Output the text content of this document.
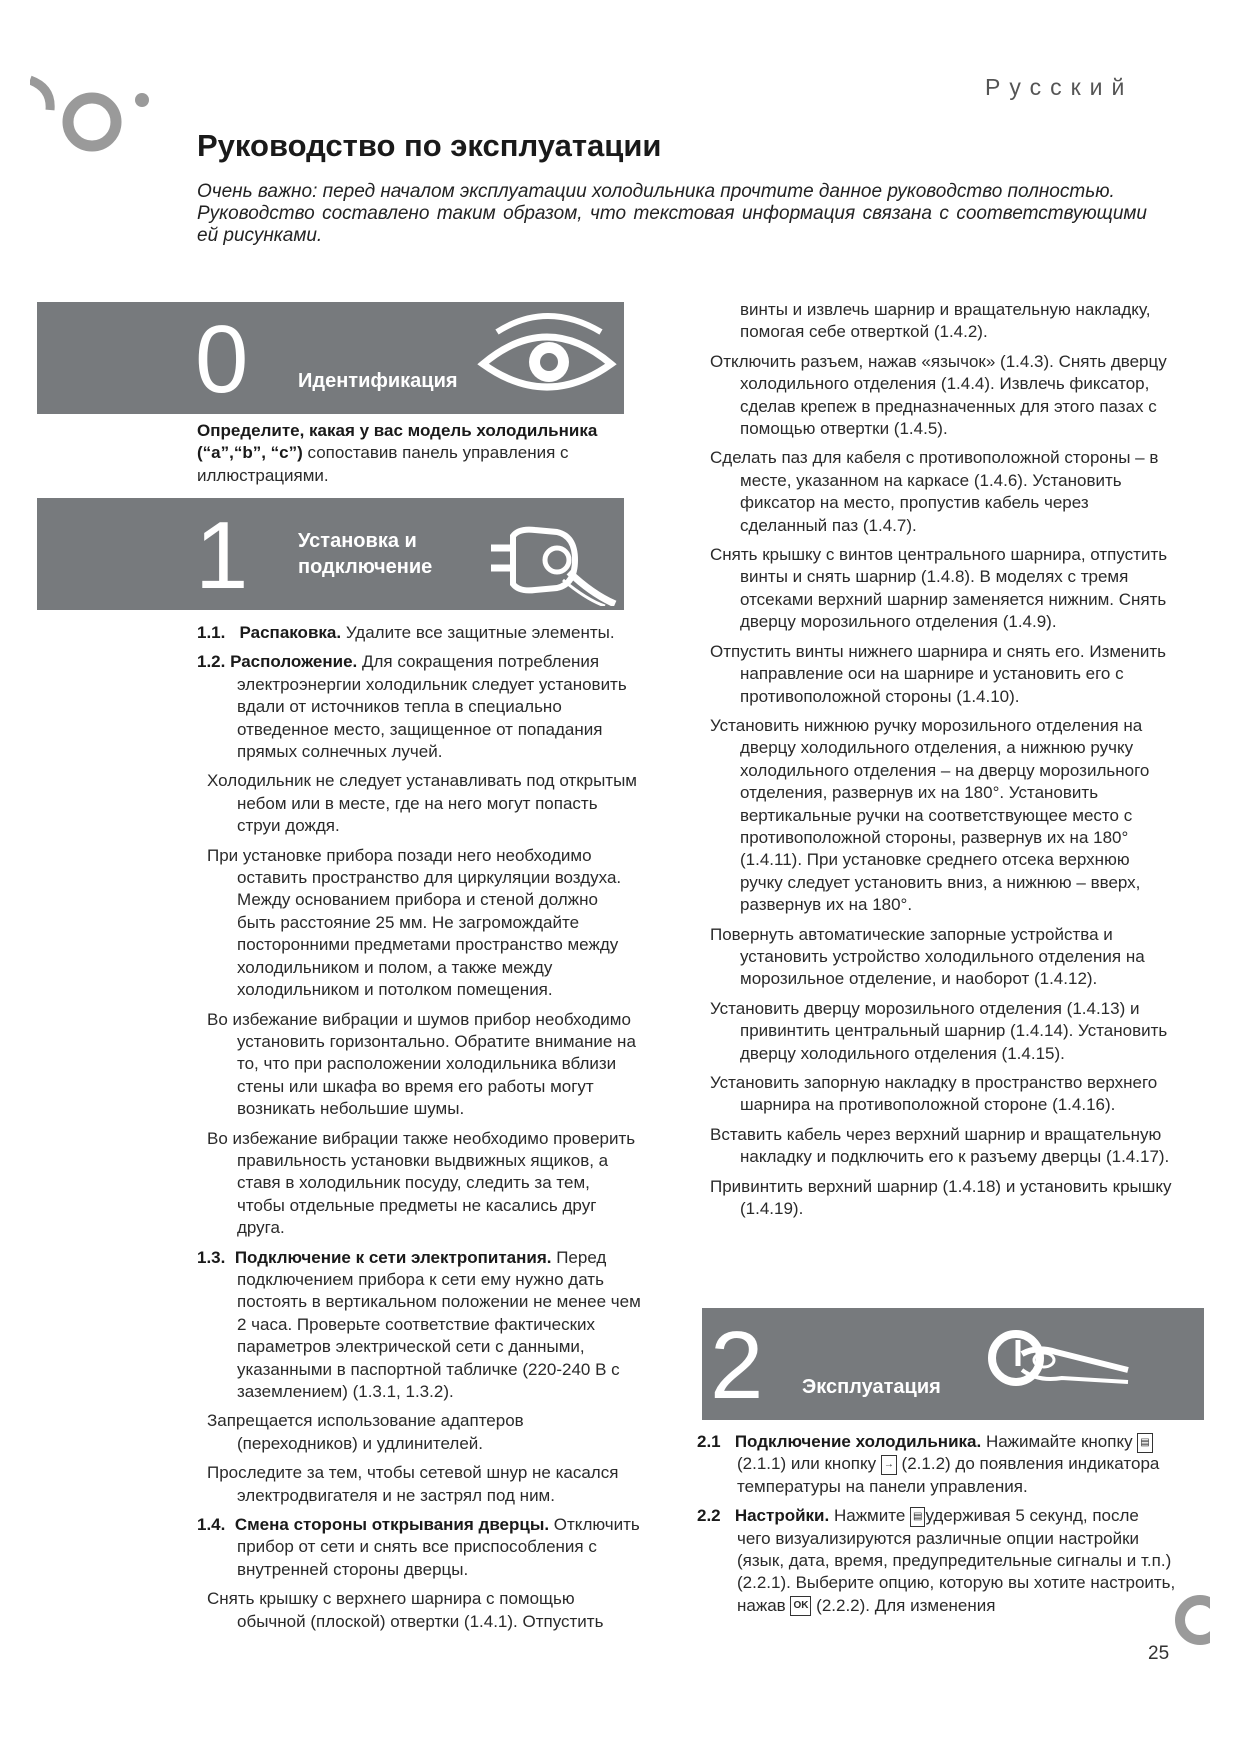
Русский
Руководство по эксплуатации

Очень важно: перед началом эксплуатации холодильника прочтите данное руководство полностью.

Руководство составлено таким образом, что текстовая информация связана с соответствующими ей рисунками.

0 Идентификация

Определите, какая у вас модель холодильника (“a”,“b”, “c”) сопоставив панель управления с иллюстрациями.

1 Установка и
подключение

1.1. Распаковка. Удалите все защитные элементы.

1.2. Расположение. Для сокращения потребления электроэнергии холодильник следует установить вдали от источников тепла в специально отведенное место, защищенное от попадания прямых солнечных лучей.

Холодильник не следует устанавливать под открытым небом или в месте, где на него могут попасть струи дождя.

При установке прибора позади него необходимо оставить пространство для циркуляции воздуха. Между основанием прибора и стеной должно быть расстояние 25 мм. Не загромождайте посторонними предметами пространство между холодильником и полом, а также между холодильником и потолком помещения.

Во избежание вибрации и шумов прибор необходимо установить горизонтально. Обратите внимание на то, что при расположении холодильника вблизи стены или шкафа во время его работы могут возникать небольшие шумы.

Во избежание вибрации также необходимо проверить правильность установки выдвижных ящиков, а ставя в холодильник посуду, следить за тем, чтобы отдельные предметы не касались друг друга.

1.3. Подключение к сети электропитания. Перед подключением прибора к сети ему нужно дать постоять в вертикальном положении не менее чем 2 часа. Проверьте соответствие фактических параметров электрической сети с данными, указанными в паспортной табличке (220-240 В с заземлением) (1.3.1, 1.3.2).

Запрещается использование адаптеров (переходников) и удлинителей.

Проследите за тем, чтобы сетевой шнур не касался электродвигателя и не застрял под ним.

1.4. Смена стороны открывания дверцы. Отключить прибор от сети и снять все приспособления с внутренней стороны дверцы.

Снять крышку с верхнего шарнира с помощью обычной (плоской) отвертки (1.4.1). Отпустить

винты и извлечь шарнир и вращательную накладку, помогая себе отверткой (1.4.2).

Отключить разъем, нажав «язычок» (1.4.3). Снять дверцу холодильного отделения (1.4.4). Извлечь фиксатор, сделав крепеж в предназначенных для этого пазах с помощью отвертки (1.4.5).

Сделать паз для кабеля с противоположной стороны – в месте, указанном на каркасе (1.4.6). Установить фиксатор на место, пропустив кабель через сделанный паз (1.4.7).

Снять крышку с винтов центрального шарнира, отпустить винты и снять шарнир (1.4.8). В моделях с тремя отсеками верхний шарнир заменяется нижним. Снять дверцу морозильного отделения (1.4.9).

Отпустить винты нижнего шарнира и снять его. Изменить направление оси на шарнире и установить его с противоположной стороны (1.4.10).

Установить нижнюю ручку морозильного отделения на дверцу холодильного отделения, а нижнюю ручку холодильного отделения – на дверцу морозильного отделения, развернув их на 180°. Установить вертикальные ручки на соответствующее место с противоположной стороны, развернув их на 180° (1.4.11). При установке среднего отсека верхнюю ручку следует установить вниз, а нижнюю – вверх, развернув их на 180°.

Повернуть автоматические запорные устройства и установить устройство холодильного отделения на морозильное отделение, и наоборот (1.4.12).

Установить дверцу морозильного отделения (1.4.13) и привинтить центральный шарнир (1.4.14). Установить дверцу холодильного отделения (1.4.15).

Установить запорную накладку в пространство верхнего шарнира на противоположной стороне (1.4.16).

Вставить кабель через верхний шарнир и вращательную накладку и подключить его к разъему дверцы (1.4.17).

Привинтить верхний шарнир (1.4.18) и установить крышку (1.4.19).

2 Эксплуатация

2.1 Подключение холодильника. Нажимайте кнопку ▤(2.1.1) или кнопку → (2.1.2) до появления индикатора температуры на панели управления.

2.2 Настройки. Нажмите ▤ удерживая 5 секунд, после чего визуализируются различные опции настройки (язык, дата, время, предупредительные сигналы и т.п.) (2.2.1). Выберите опцию, которую вы хотите настроить, нажав OK (2.2.2). Для изменения

25
